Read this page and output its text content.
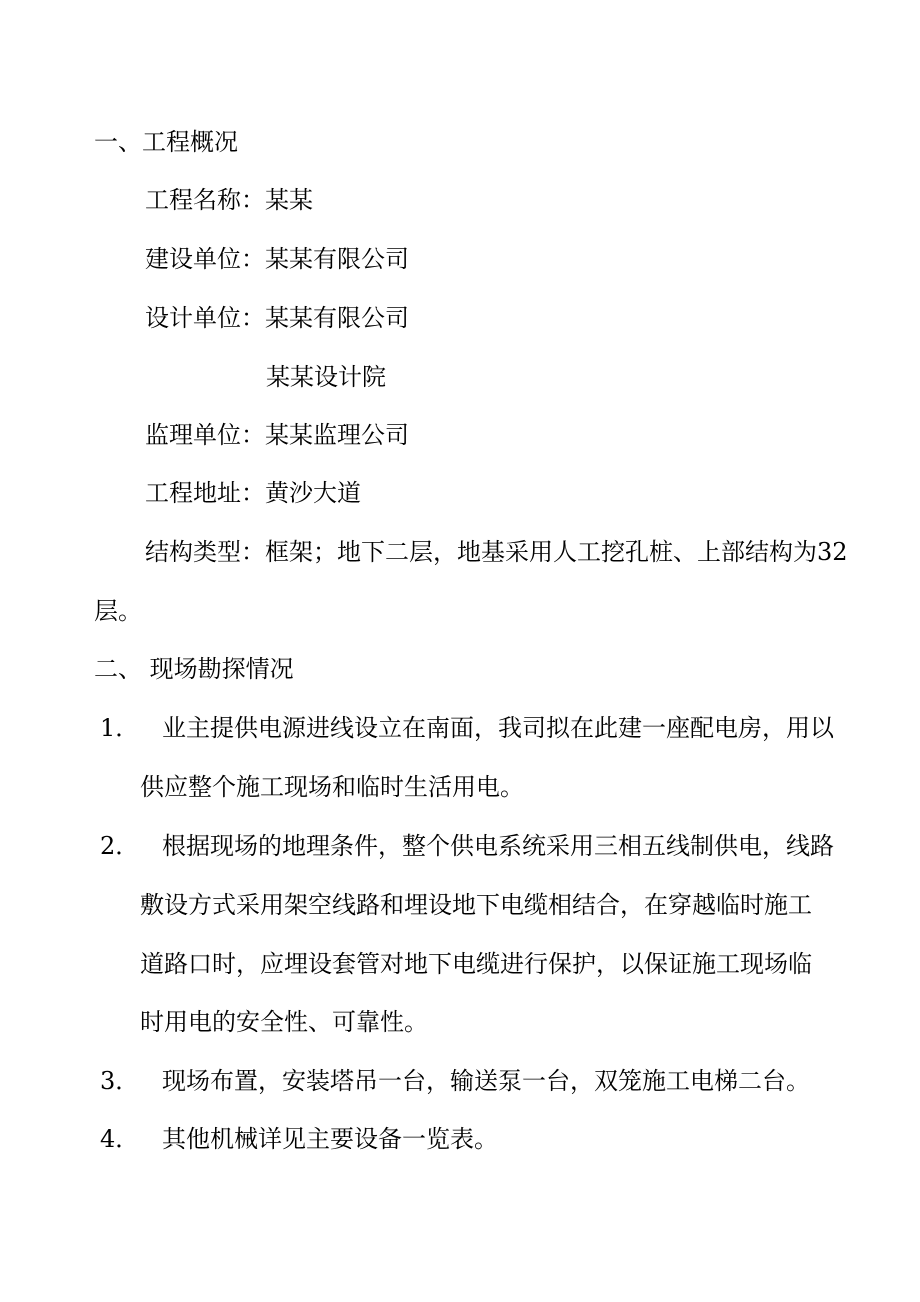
一、工程概况
工程名称：某某
建设单位：某某有限公司
设计单位：某某有限公司
某某设计院
监理单位：某某监理公司
工程地址：黄沙大道
结构类型：框架；地下二层，地基采用人工挖孔桩、上部结构为32
层。
二、 现场勘探情况
1． 业主提供电源进线设立在南面，我司拟在此建一座配电房，用以
供应整个施工现场和临时生活用电。
2． 根据现场的地理条件，整个供电系统采用三相五线制供电，线路
敷设方式采用架空线路和埋设地下电缆相结合，在穿越临时施工
道路口时，应埋设套管对地下电缆进行保护，以保证施工现场临
时用电的安全性、可靠性。
3． 现场布置，安装塔吊一台，输送泵一台，双笼施工电梯二台。
4． 其他机械详见主要设备一览表。
